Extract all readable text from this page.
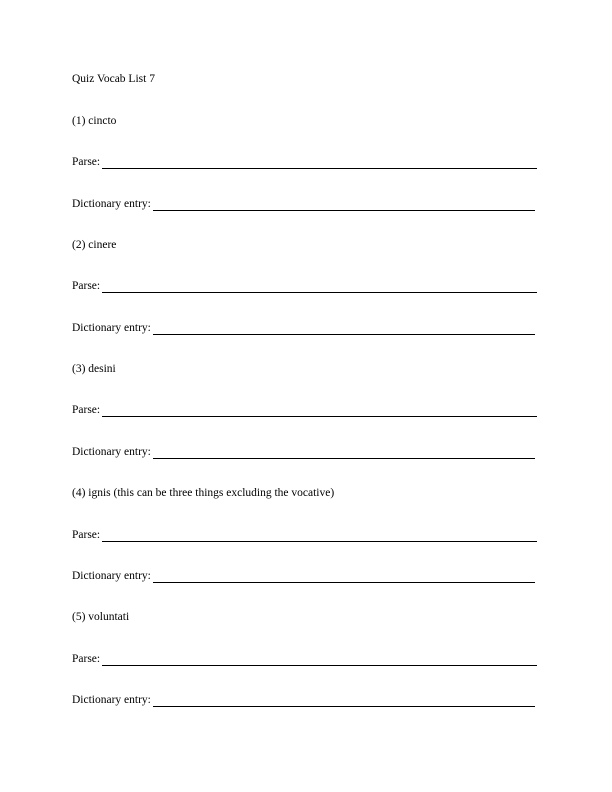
Quiz Vocab List 7
(1) cincto
Parse:
Dictionary entry:
(2) cinere
Parse:
Dictionary entry:
(3) desini
Parse:
Dictionary entry:
(4) ignis (this can be three things excluding the vocative)
Parse:
Dictionary entry:
(5) voluntati
Parse:
Dictionary entry:
